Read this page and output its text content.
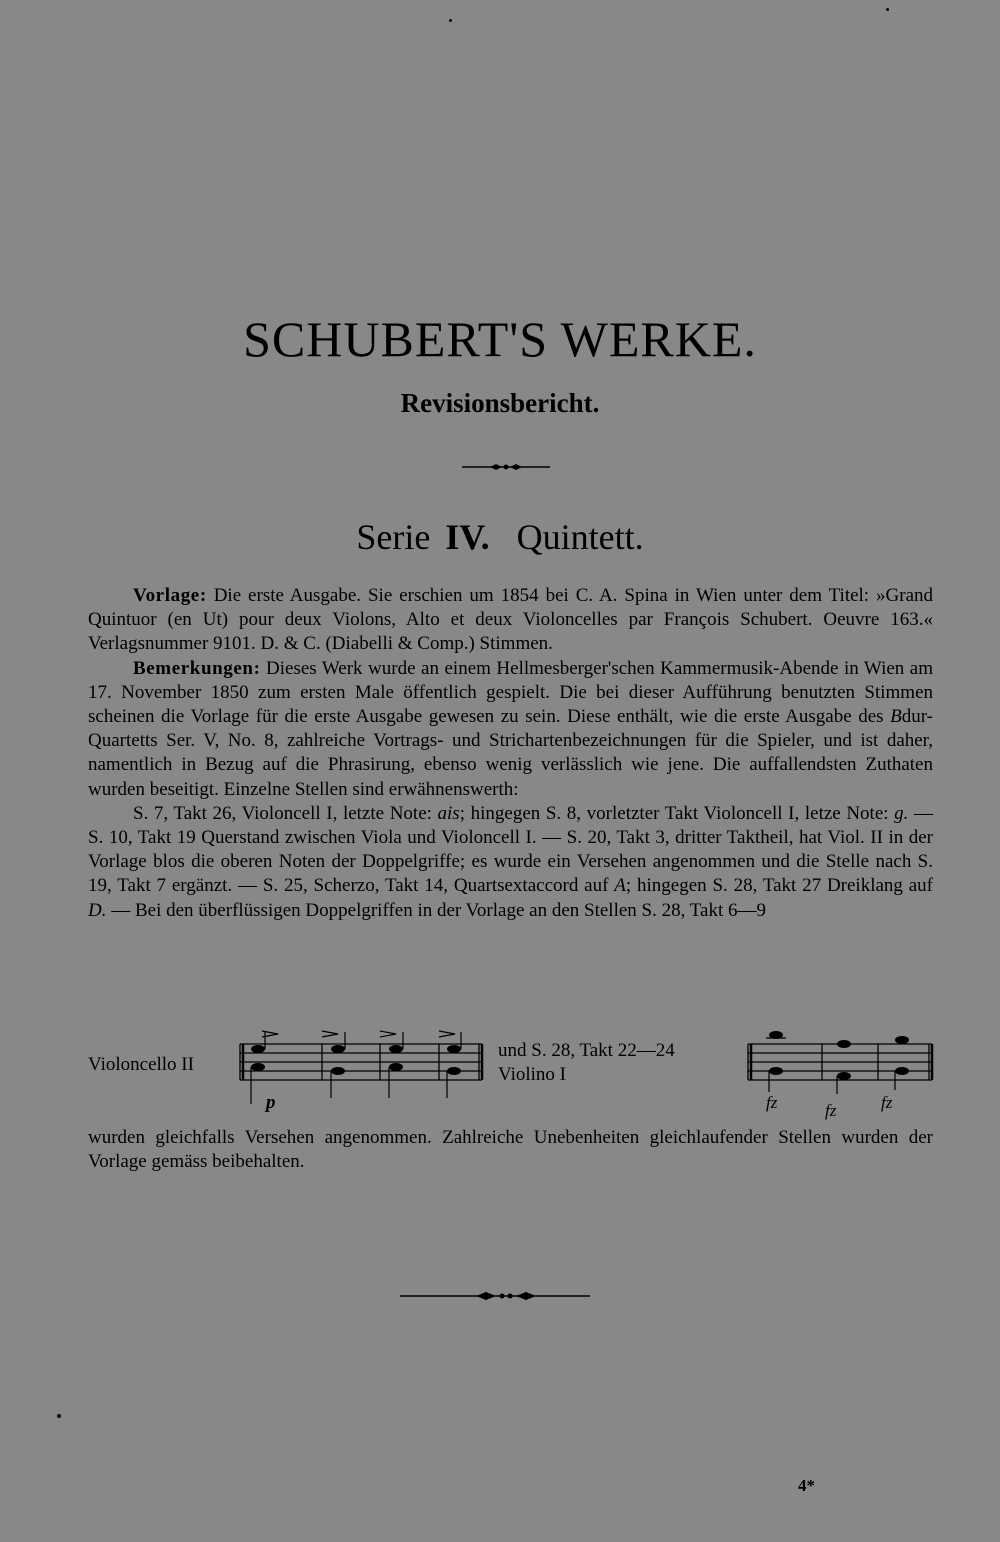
SCHUBERT'S WERKE.
Revisionsbericht.
Serie IV. Quintett.

Vorlage: Die erste Ausgabe. Sie erschien um 1854 bei C. A. Spina in Wien unter dem Titel: »Grand Quintuor (en Ut) pour deux Violons, Alto et deux Violoncelles par François Schubert. Oeuvre 163.« Verlagsnummer 9101. D. & C. (Diabelli & Comp.) Stimmen.

Bemerkungen: Dieses Werk wurde an einem Hellmesberger'schen Kammermusik-Abende in Wien am 17. November 1850 zum ersten Male öffentlich gespielt. Die bei dieser Aufführung benutzten Stimmen scheinen die Vorlage für die erste Ausgabe gewesen zu sein. Diese enthält, wie die erste Ausgabe des Bdur-Quartetts Ser. V, No. 8, zahlreiche Vortrags- und Strichartenbezeichnungen für die Spieler, und ist daher, namentlich in Bezug auf die Phrasirung, ebenso wenig verlässlich wie jene. Die auffallendsten Zuthaten wurden beseitigt. Einzelne Stellen sind erwähnenswerth:

S. 7, Takt 26, Violoncell I, letzte Note: ais; hingegen S. 8, vorletzter Takt Violoncell I, letze Note: g. — S. 10, Takt 19 Querstand zwischen Viola und Violoncell I. — S. 20, Takt 3, dritter Taktheil, hat Viol. II in der Vorlage blos die oberen Noten der Doppelgriffe; es wurde ein Versehen angenommen und die Stelle nach S. 19, Takt 7 ergänzt. — S. 25, Scherzo, Takt 14, Quartsextaccord auf A; hingegen S. 28, Takt 27 Dreiklang auf D. — Bei den überflüssigen Doppelgriffen in der Vorlage an den Stellen S. 28, Takt 6—9

Violoncello II
p
und S. 28, Takt 22—24
Violino I
fz	fz	fz

wurden gleichfalls Versehen angenommen. Zahlreiche Unebenheiten gleichlaufender Stellen wurden der Vorlage gemäss beibehalten.

4*
